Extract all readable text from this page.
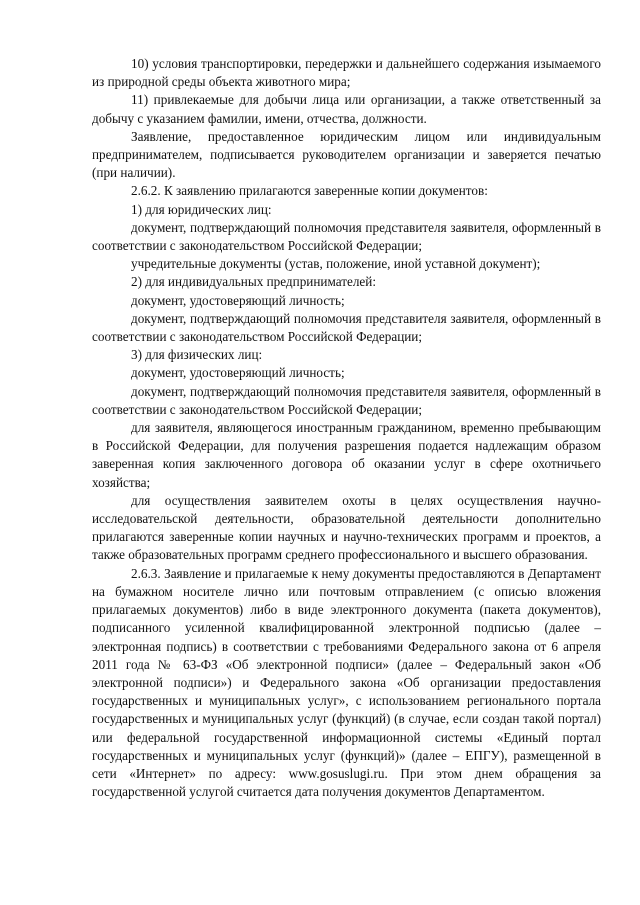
10) условия транспортировки, передержки и дальнейшего содержания изымаемого из природной среды объекта животного мира;

11) привлекаемые для добычи лица или организации, а также ответственный за добычу с указанием фамилии, имени, отчества, должности.

Заявление, предоставленное юридическим лицом или индивидуальным предпринимателем, подписывается руководителем организации и заверяется печатью (при наличии).

2.6.2. К заявлению прилагаются заверенные копии документов:

1) для юридических лиц:

документ, подтверждающий полномочия представителя заявителя, оформленный в соответствии с законодательством Российской Федерации;

учредительные документы (устав, положение, иной уставной документ);

2) для индивидуальных предпринимателей:

документ, удостоверяющий личность;

документ, подтверждающий полномочия представителя заявителя, оформленный в соответствии с законодательством Российской Федерации;

3) для физических лиц:

документ, удостоверяющий личность;

документ, подтверждающий полномочия представителя заявителя, оформленный в соответствии с законодательством Российской Федерации;

для заявителя, являющегося иностранным гражданином, временно пребывающим в Российской Федерации, для получения разрешения подается надлежащим образом заверенная копия заключенного договора об оказании услуг в сфере охотничьего хозяйства;

для осуществления заявителем охоты в целях осуществления научно-исследовательской деятельности, образовательной деятельности дополнительно прилагаются заверенные копии научных и научно-технических программ и проектов, а также образовательных программ среднего профессионального и высшего образования.

2.6.3. Заявление и прилагаемые к нему документы предоставляются в Департамент на бумажном носителе лично или почтовым отправлением (с описью вложения прилагаемых документов) либо в виде электронного документа (пакета документов), подписанного усиленной квалифицированной электронной подписью (далее – электронная подпись) в соответствии с требованиями Федерального закона от 6 апреля 2011 года № 63-ФЗ «Об электронной подписи» (далее – Федеральный закон «Об электронной подписи») и Федерального закона «Об организации предоставления государственных и муниципальных услуг», с использованием регионального портала государственных и муниципальных услуг (функций) (в случае, если создан такой портал) или федеральной государственной информационной системы «Единый портал государственных и муниципальных услуг (функций)» (далее – ЕПГУ), размещенной в сети «Интернет» по адресу: www.gosuslugi.ru. При этом днем обращения за государственной услугой считается дата получения документов Департаментом.
